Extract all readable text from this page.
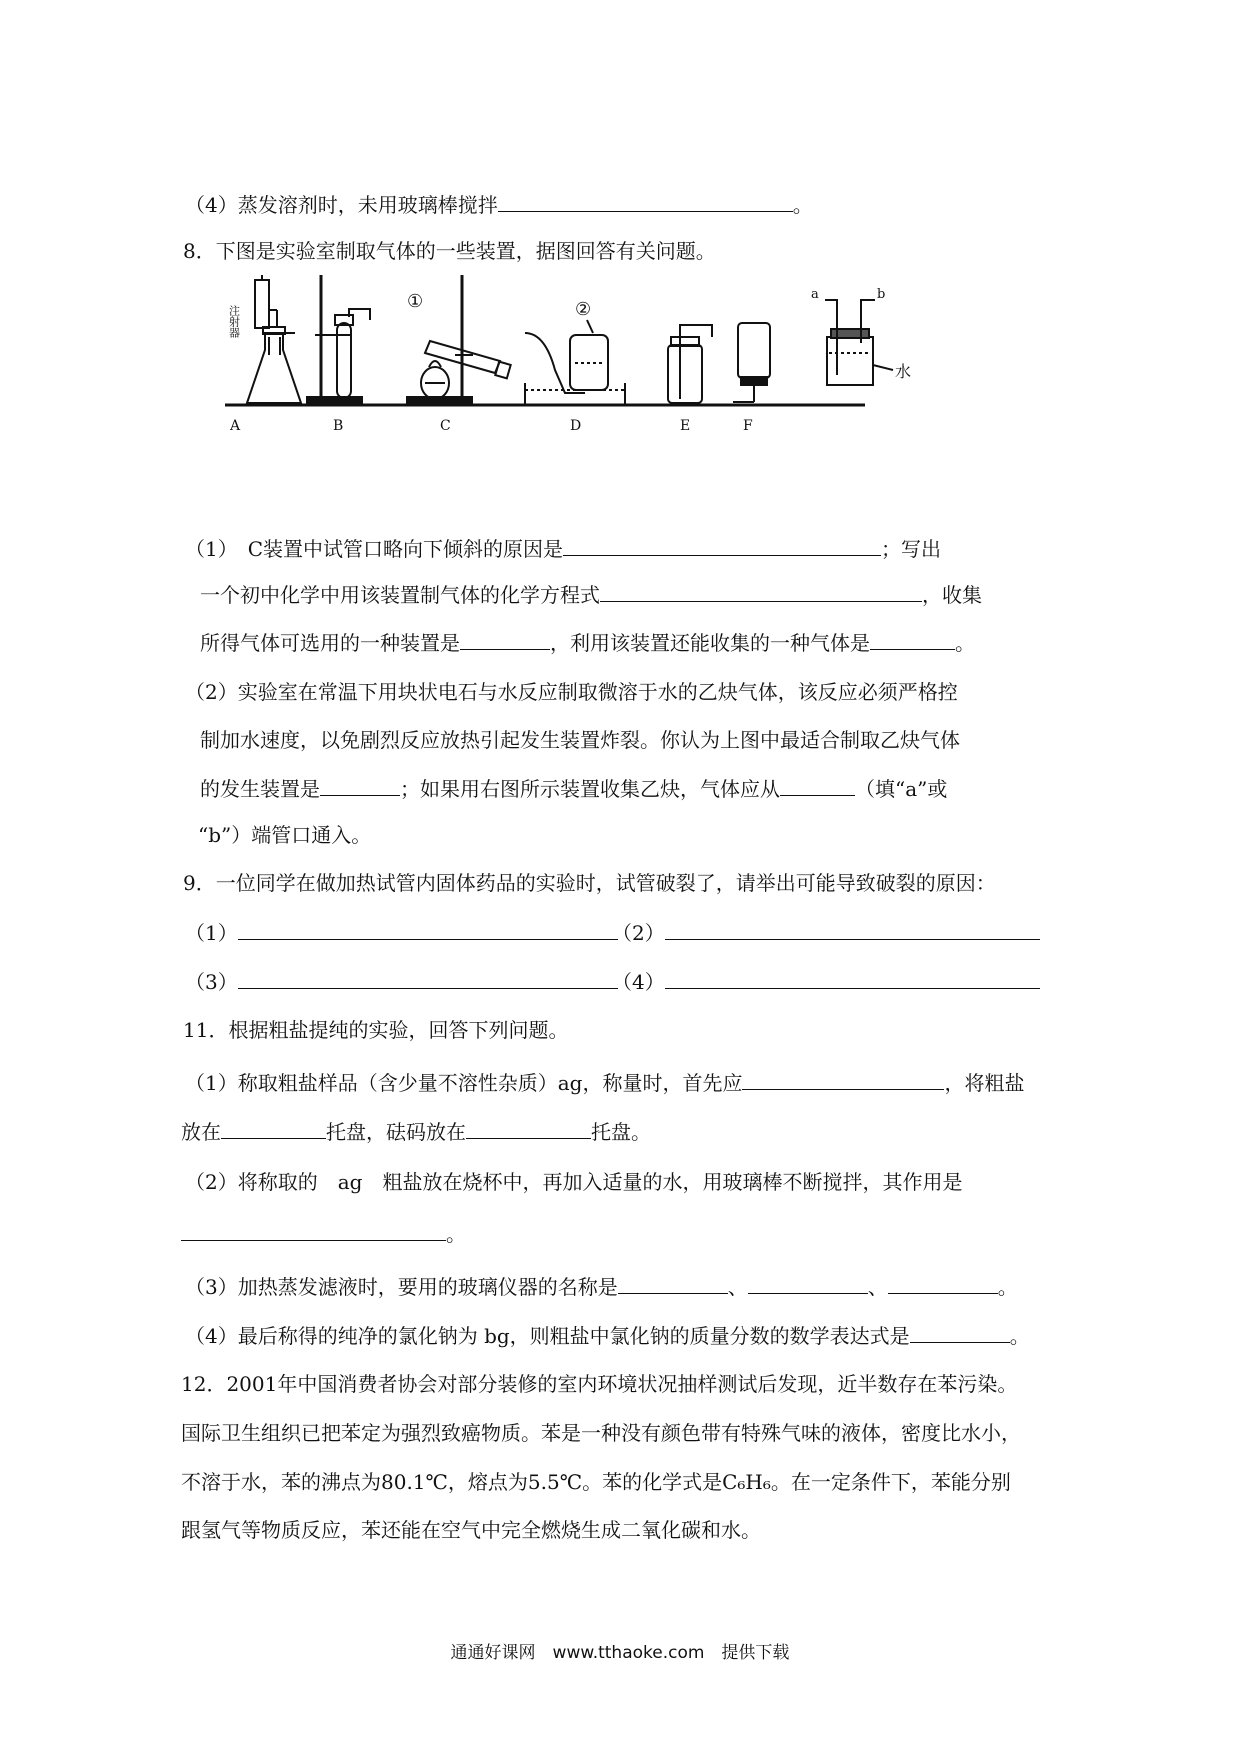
（4）蒸发溶剂时，未用玻璃棒搅拌	。
8．下图是实验室制取气体的一些装置，据图回答有关问题。
注射器
①	②
A	B	C	D	E	F
a	b
水
（1）　C装置中试管口略向下倾斜的原因是	；写出
一个初中化学中用该装置制气体的化学方程式	，收集
所得气体可选用的一种装置是	，利用该装置还能收集的一种气体是	。
（2）实验室在常温下用块状电石与水反应制取微溶于水的乙炔气体，该反应必须严格控
制加水速度，以免剧烈反应放热引起发生装置炸裂。你认为上图中最适合制取乙炔气体
的发生装置是	；如果用右图所示装置收集乙炔，气体应从	（填“a”或
“b”）端管口通入。
9．一位同学在做加热试管内固体药品的实验时，试管破裂了，请举出可能导致破裂的原因：
（1）	（2）
（3）	（4）
11．根据粗盐提纯的实验，回答下列问题。
（1）称取粗盐样品（含少量不溶性杂质）ag，称量时，首先应	，将粗盐
放在	托盘，砝码放在	托盘。
（2）将称取的　ag　粗盐放在烧杯中，再加入适量的水，用玻璃棒不断搅拌，其作用是
。
（3）加热蒸发滤液时，要用的玻璃仪器的名称是	、	、	。
（4）最后称得的纯净的氯化钠为 bg，则粗盐中氯化钠的质量分数的数学表达式是	。
12．2001年中国消费者协会对部分装修的室内环境状况抽样测试后发现，近半数存在苯污染。
国际卫生组织已把苯定为强烈致癌物质。苯是一种没有颜色带有特殊气味的液体，密度比水小，
不溶于水，苯的沸点为80.1℃，熔点为5.5℃。苯的化学式是C₆H₆。在一定条件下，苯能分别
跟氢气等物质反应，苯还能在空气中完全燃烧生成二氧化碳和水。
通通好课网　www.tthaoke.com　提供下载
